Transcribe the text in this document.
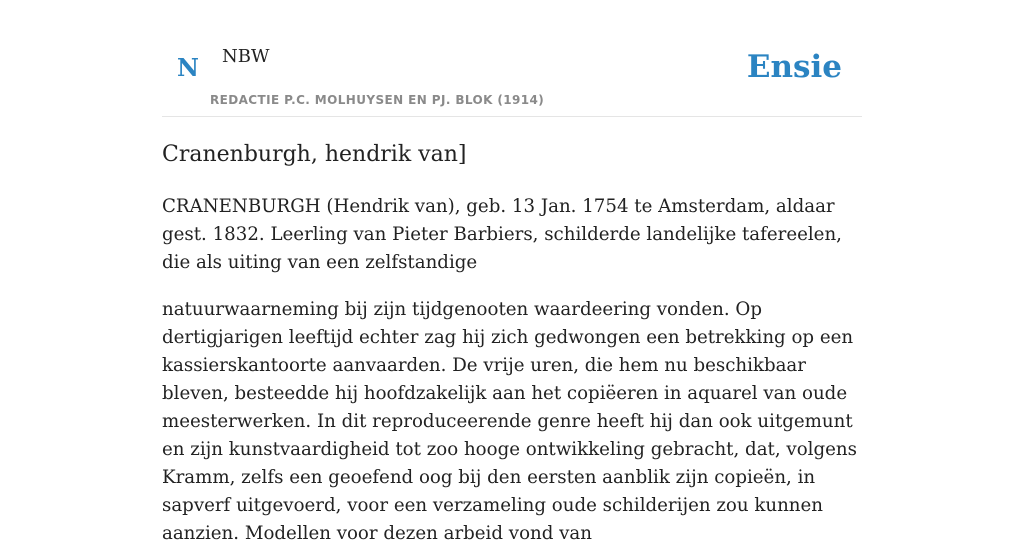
N NBW
REDACTIE P.C. MOLHUYSEN EN PJ. BLOK (1914)
Ensie
Cranenburgh, hendrik van]

CRANENBURGH (Hendrik van), geb. 13 Jan. 1754 te Amsterdam, aldaar gest. 1832. Leerling van Pieter Barbiers, schilderde landelijke tafereelen, die als uiting van een zelfstandige

natuurwaarneming bij zijn tijdgenooten waardeering vonden. Op dertigjarigen leeftijd echter zag hij zich gedwongen een betrekking op een kassierskantoorte aanvaarden. De vrije uren, die hem nu beschikbaar bleven, besteedde hij hoofdzakelijk aan het copiëeren in aquarel van oude meesterwerken. In dit reproduceerende genre heeft hij dan ook uitgemunt en zijn kunstvaardigheid tot zoo hooge ontwikkeling gebracht, dat, volgens Kramm, zelfs een geoefend oog bij den eersten aanblik zijn copieën, in sapverf uitgevoerd, voor een verzameling oude schilderijen zou kunnen aanzien. Modellen voor dezen arbeid vond van
